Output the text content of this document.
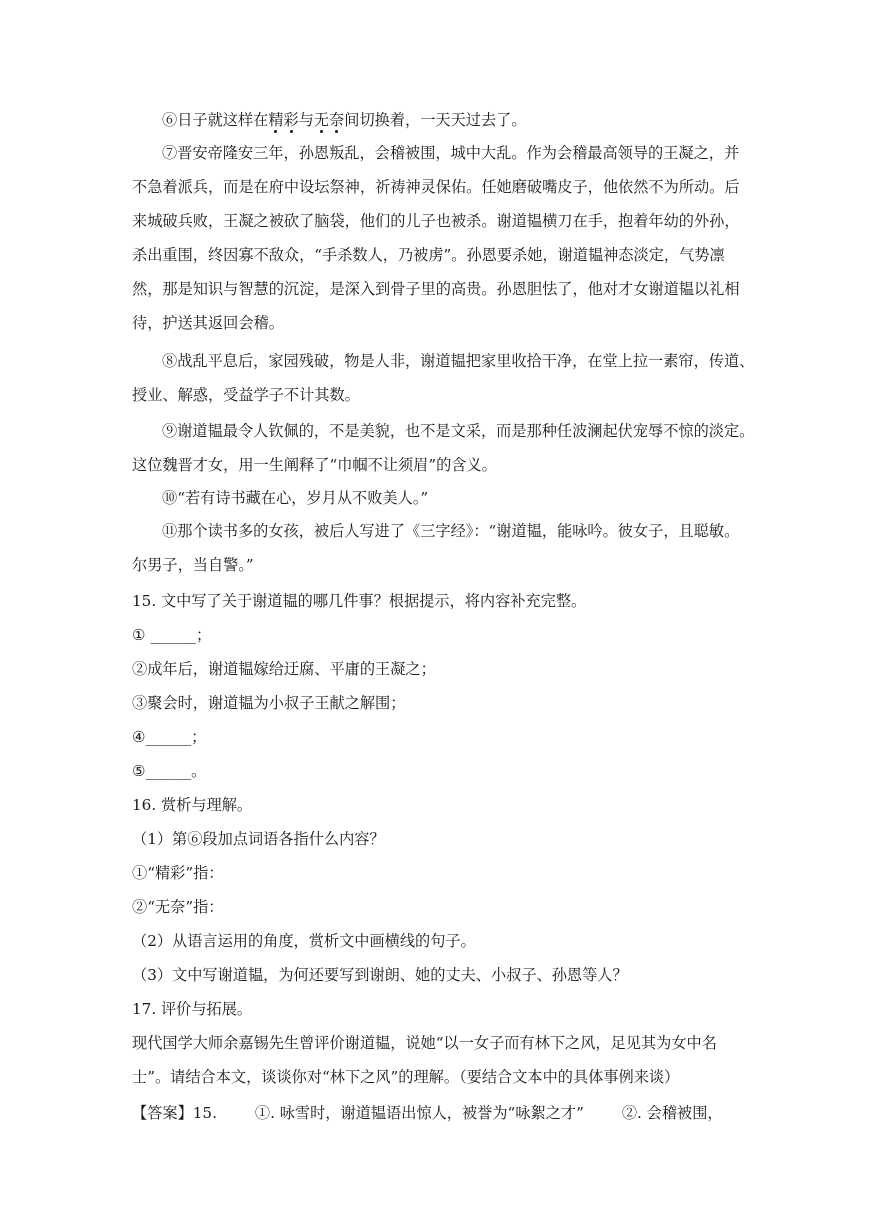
⑥日子就这样在精彩与无奈间切换着，一天天过去了。
⑦晋安帝隆安三年，孙恩叛乱，会稽被围，城中大乱。作为会稽最高领导的王凝之，并
不急着派兵，而是在府中设坛祭神，祈祷神灵保佑。任她磨破嘴皮子，他依然不为所动。后
来城破兵败，王凝之被砍了脑袋，他们的儿子也被杀。谢道韫横刀在手，抱着年幼的外孙，
杀出重围，终因寡不敌众，“手杀数人，乃被虏”。孙恩要杀她，谢道韫神态淡定，气势凛
然，那是知识与智慧的沉淀，是深入到骨子里的高贵。孙恩胆怯了，他对才女谢道韫以礼相
待，护送其返回会稽。
⑧战乱平息后，家园残破，物是人非，谢道韫把家里收拾干净，在堂上拉一素帘，传道、
授业、解惑，受益学子不计其数。
⑨谢道韫最令人钦佩的，不是美貌，也不是文采，而是那种任波澜起伏宠辱不惊的淡定。
这位魏晋才女，用一生阐释了“巾帼不让须眉”的含义。
⑩“若有诗书藏在心，岁月从不败美人。”
⑪那个读书多的女孩，被后人写进了《三字经》：“谢道韫，能咏吟。彼女子，且聪敏。
尔男子，当自警。”
15. 文中写了关于谢道韫的哪几件事？根据提示，将内容补充完整。
① ______；
②成年后，谢道韫嫁给迂腐、平庸的王凝之；
③聚会时，谢道韫为小叔子王献之解围；
④______；
⑤______。
16. 赏析与理解。
（1）第⑥段加点词语各指什么内容？
①“精彩”指：
②“无奈”指：
（2）从语言运用的角度，赏析文中画横线的句子。
（3）文中写谢道韫，为何还要写到谢朗、她的丈夫、小叔子、孙恩等人？
17. 评价与拓展。
现代国学大师余嘉锡先生曾评价谢道韫，说她“以一女子而有林下之风，足见其为女中名
士”。请结合本文，谈谈你对“林下之风”的理解。（要结合文本中的具体事例来谈）
【答案】15.	①. 咏雪时，谢道韫语出惊人，被誉为“咏絮之才”	②. 会稽被围，
